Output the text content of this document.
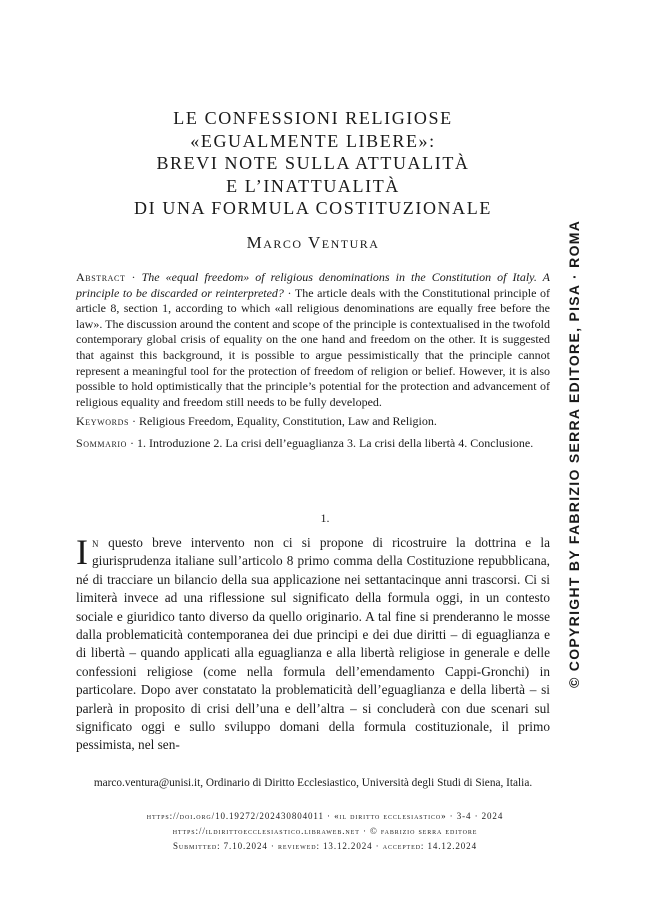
LE CONFESSIONI RELIGIOSE
«EGUALMENTE LIBERE»:
BREVI NOTE SULLA ATTUALITÀ
E L’INATTUALITÀ
DI UNA FORMULA COSTITUZIONALE
Marco Ventura

Abstract · The «equal freedom» of religious denominations in the Constitution of Italy. A principle to be discarded or reinterpreted? · The article deals with the Constitutional principle of article 8, section 1, according to which «all religious denominations are equally free before the law». The discussion around the content and scope of the principle is contextualised in the twofold contemporary global crisis of equality on the one hand and freedom on the other. It is suggested that against this background, it is possible to argue pessimistically that the principle cannot represent a meaningful tool for the protection of freedom of religion or belief. However, it is also possible to hold optimistically that the principle’s potential for the protection and advancement of religious equality and freedom still needs to be fully developed.

Keywords · Religious Freedom, Equality, Constitution, Law and Religion.

Sommario · 1. Introduzione 2. La crisi dell’eguaglianza 3. La crisi della libertà 4. Conclusione.

1.

In questo breve intervento non ci si propone di ricostruire la dottrina e la giurisprudenza italiane sull’articolo 8 primo comma della Costituzione repubblicana, né di tracciare un bilancio della sua applicazione nei settantacinque anni trascorsi. Ci si limiterà invece ad una riflessione sul significato della formula oggi, in un contesto sociale e giuridico tanto diverso da quello originario. A tal fine si prenderanno le mosse dalla problematicità contemporanea dei due principi e dei due diritti – di eguaglianza e di libertà – quando applicati alla eguaglianza e alla libertà religiose in generale e delle confessioni religiose (come nella formula dell’emendamento Cappi-Gronchi) in particolare. Dopo aver constatato la problematicità dell’eguaglianza e della libertà – si parlerà in proposito di crisi dell’una e dell’altra – si concluderà con due scenari sul significato oggi e sullo sviluppo domani della formula costituzionale, il primo pessimista, nel sen-

marco.ventura@unisi.it, Ordinario di Diritto Ecclesiastico, Università degli Studi di Siena, Italia.
https://doi.org/10.19272/202430804011 · «il diritto ecclesiastico» · 3-4 · 2024
https://ildirittoecclesiastico.libraweb.net · © fabrizio serra editore
Submitted: 7.10.2024 · reviewed: 13.12.2024 · accepted: 14.12.2024
© COPYRIGHT BY FABRIZIO SERRA EDITORE, PISA · ROMA
